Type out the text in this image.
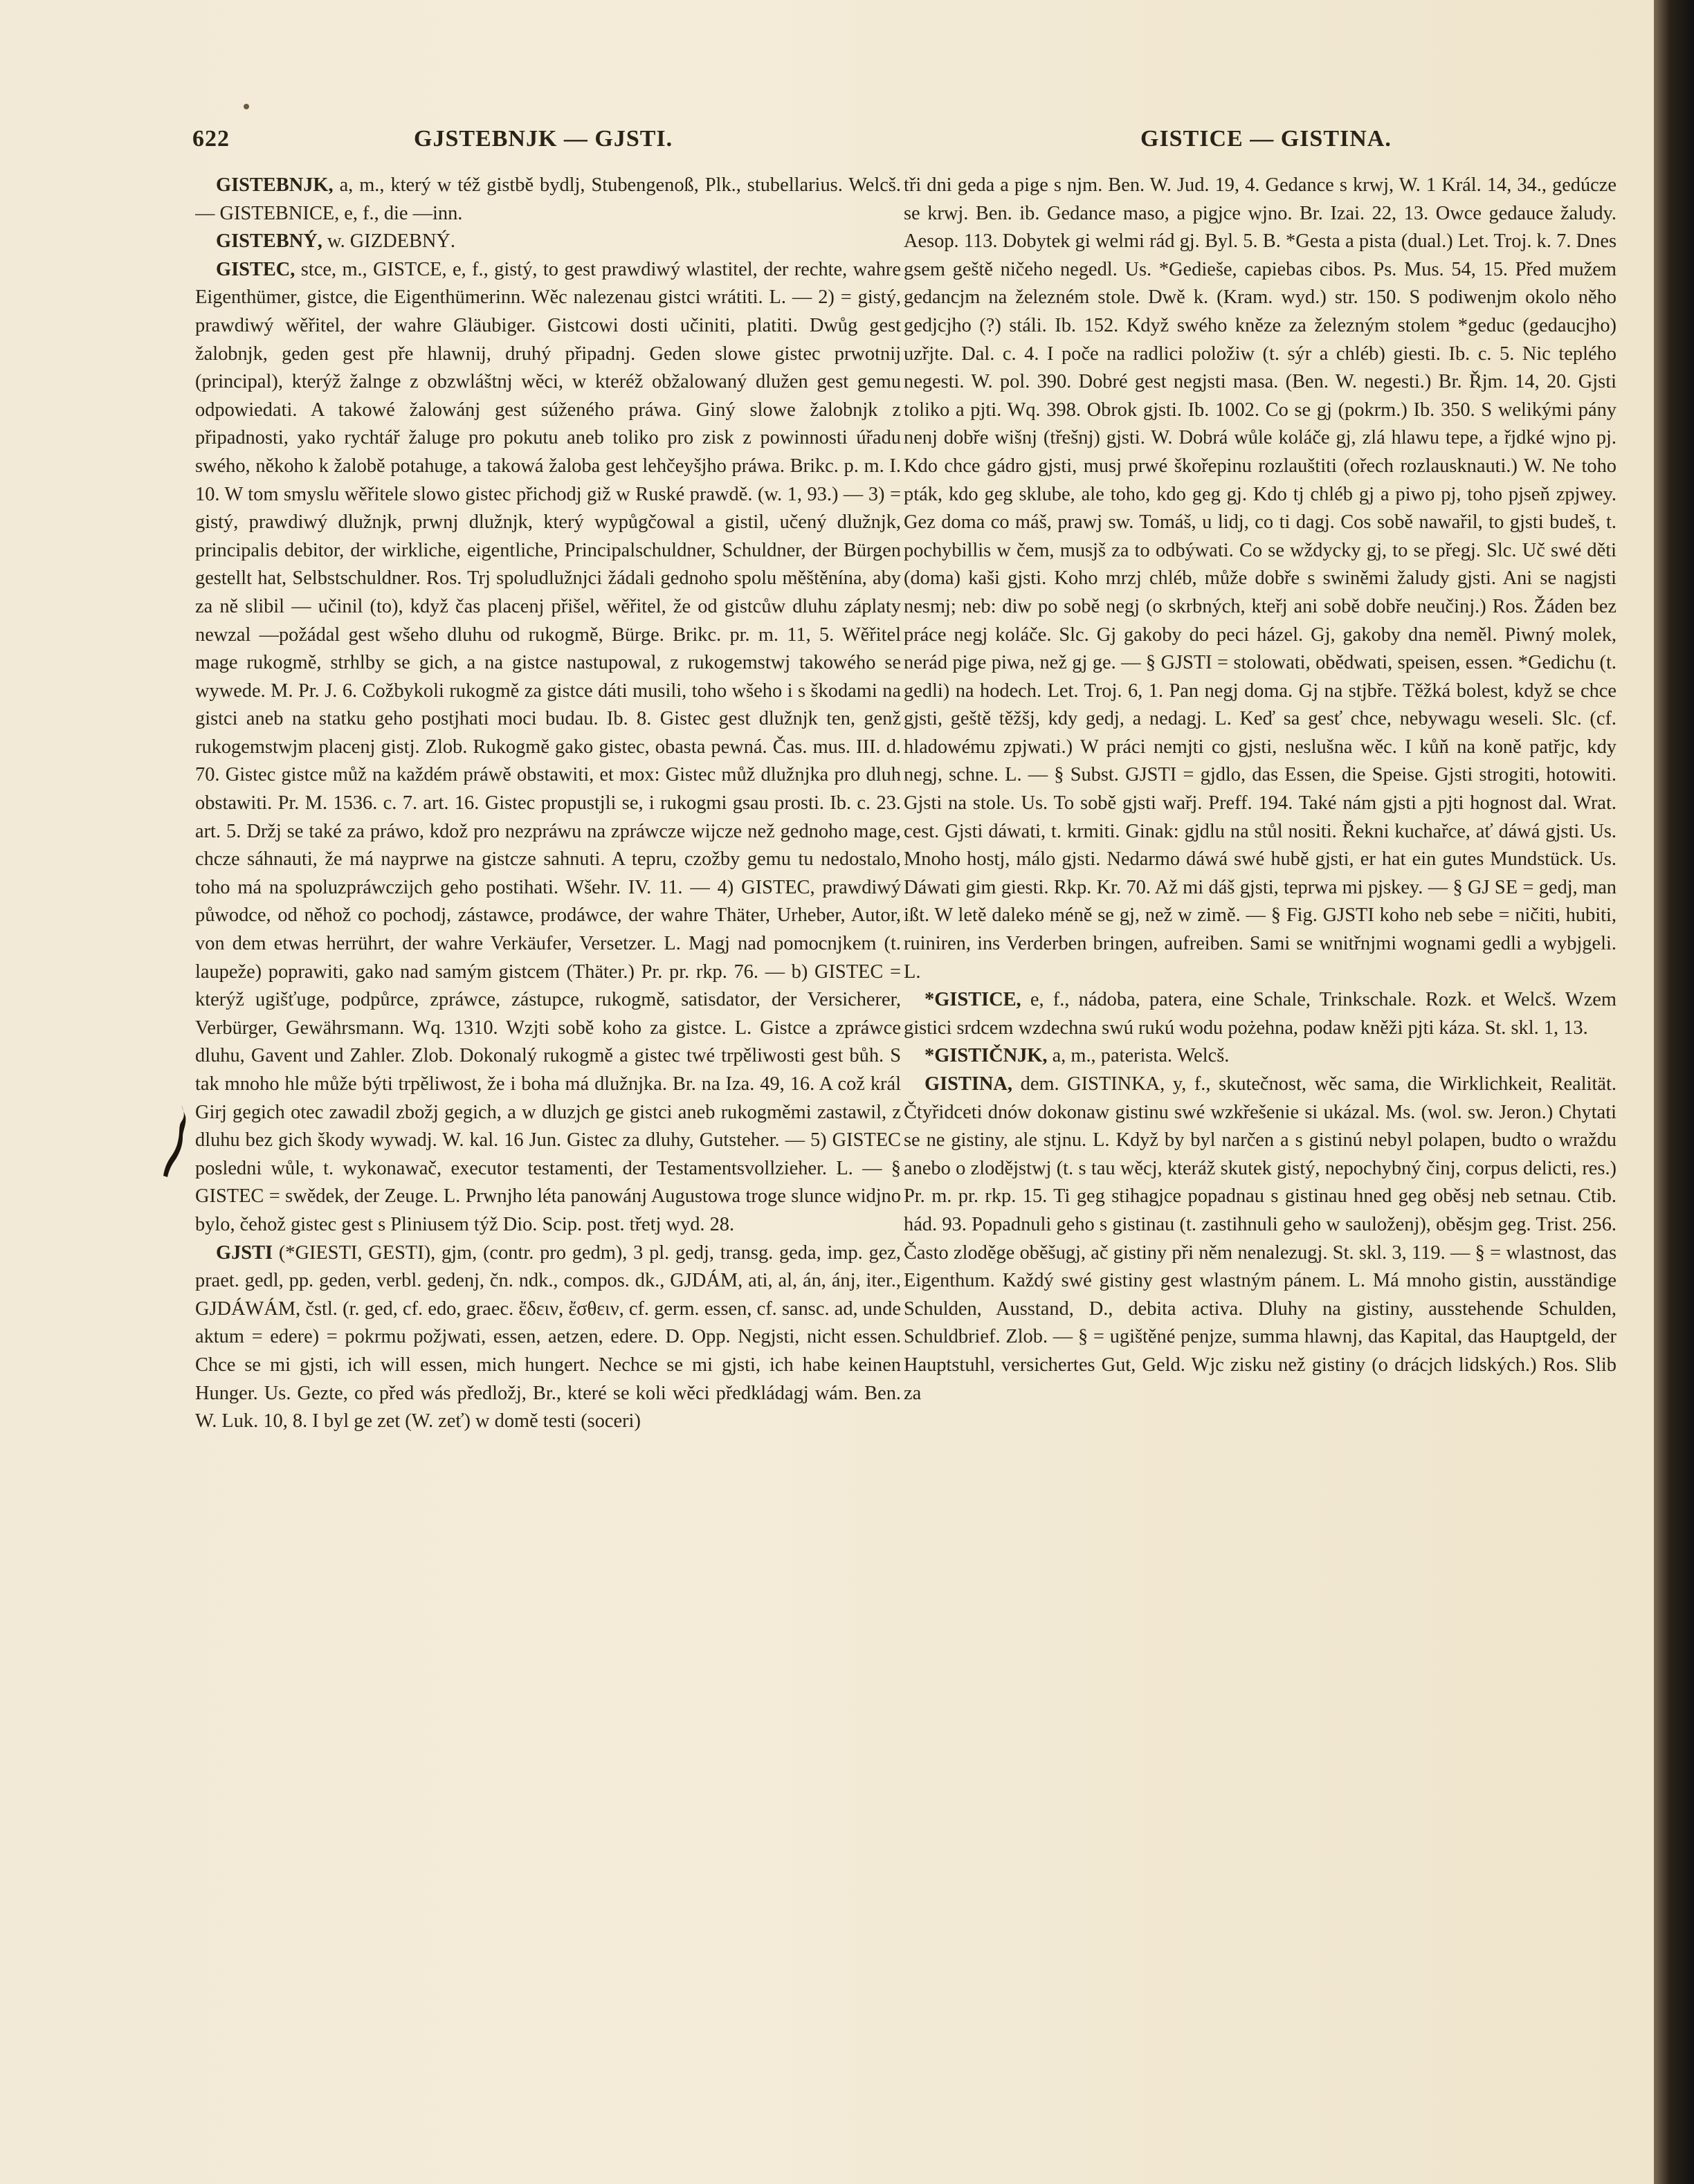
622	GJSTEBNJK — GJSTI.	GISTICE — GISTINA.

GISTEBNJK, a, m., který w též gistbě bydlj, Stubengenoß, Plk., stubellarius. Welcš. — GISTEBNICE, e, f., die —inn.

GISTEBNÝ, w. GIZDEBNÝ.

GISTEC, stce, m., GISTCE, e, f., gistý, to gest prawdiwý wlastitel, der rechte, wahre Eigenthümer, gistce, die Eigenthümerinn. Wěc nalezenau gistci wrátiti. L. — 2) = gistý, prawdiwý wěřitel, der wahre Gläubiger. Gistcowi dosti učiniti, platiti. Dwůg gest žalobnjk, geden gest pře hlawnij, druhý připadnj. Geden slowe gistec prwotnij (principal), kterýž žalnge z obzwláštnj wěci, w kteréž obžalowaný dlužen gest gemu odpowiedati. A takowé žalowánj gest súženého práwa. Giný slowe žalobnjk z připadnosti, yako rychtář žaluge pro pokutu aneb toliko pro zisk z powinnosti úřadu swého, někoho k žalobě potahuge, a takowá žaloba gest lehčeyšjho práwa. Brikc. p. m. I. 10. W tom smyslu wěřitele slowo gistec přichodj giž w Ruské prawdě. (w. 1, 93.) — 3) = gistý, prawdiwý dlužnjk, prwnj dlužnjk, který wypůgčowal a gistil, učený dlužnjk, principalis debitor, der wirkliche, eigentliche, Principalschuldner, Schuldner, der Bürgen gestellt hat, Selbstschuldner. Ros. Trj spoludlužnjci žádali gednoho spolu měštěnína, aby za ně slibil — učinil (to), když čas placenj přišel, wěřitel, že od gistcůw dluhu záplaty newzal —požádal gest wšeho dluhu od rukogmě, Bürge. Brikc. pr. m. 11, 5. Wěřitel mage rukogmě, strhlby se gich, a na gistce nastupowal, z rukogemstwj takowého se wywede. M. Pr. J. 6. Cožbykoli rukogmě za gistce dáti musili, toho wšeho i s škodami na gistci aneb na statku geho postjhati moci budau. Ib. 8. Gistec gest dlužnjk ten, genž rukogemstwjm placenj gistj. Zlob. Rukogmě gako gistec, obasta pewná. Čas. mus. III. d. 70. Gistec gistce můž na každém práwě obstawiti, et mox: Gistec můž dlužnjka pro dluh obstawiti. Pr. M. 1536. c. 7. art. 16. Gistec propustjli se, i rukogmi gsau prosti. Ib. c. 23. art. 5. Držj se také za práwo, kdož pro nezpráwu na zpráwcze wijcze než gednoho mage, chcze sáhnauti, že má nayprwe na gistcze sahnuti. A tepru, czožby gemu tu nedostalo, toho má na spoluzpráwczijch geho postihati. Wšehr. IV. 11. — 4) GISTEC, prawdiwý půwodce, od něhož co pochodj, zástawce, prodáwce, der wahre Thäter, Urheber, Autor, von dem etwas herrührt, der wahre Verkäufer, Versetzer. L. Magj nad pomocnjkem (t. laupeže) poprawiti, gako nad samým gistcem (Thäter.) Pr. pr. rkp. 76. — b) GISTEC = kterýž ugišťuge, podpůrce, zpráwce, zástupce, rukogmě, satisdator, der Versicherer, Verbürger, Gewährsmann. Wq. 1310. Wzjti sobě koho za gistce. L. Gistce a zpráwce dluhu, Gavent und Zahler. Zlob. Dokonalý rukogmě a gistec twé trpěliwosti gest bůh. S tak mnoho hle může býti trpěliwost, že i boha má dlužnjka. Br. na Iza. 49, 16. A což král Girj gegich otec zawadil zbožj gegich, a w dluzjch ge gistci aneb rukogměmi zastawil, z dluhu bez gich škody wywadj. W. kal. 16 Jun. Gistec za dluhy, Gutsteher. — 5) GISTEC posledni wůle, t. wykonawač, executor testamenti, der Testamentsvollzieher. L. — § GISTEC = swědek, der Zeuge. L. Prwnjho léta panowánj Augustowa troge slunce widjno bylo, čehož gistec gest s Pliniusem týž Dio. Scip. post. třetj wyd. 28.

GJSTI (*GIESTI, GESTI), gjm, (contr. pro gedm), 3 pl. gedj, transg. geda, imp. gez, praet. gedl, pp. geden, verbl. gedenj, čn. ndk., compos. dk., GJDÁM, ati, al, án, ánj, iter., GJDÁWÁM, čstl. (r. ged, cf. edo, graec. ἔδειν, ἔσθειν, cf. germ. essen, cf. sansc. ad, unde aktum = edere) = pokrmu požjwati, essen, aetzen, edere. D. Opp. Negjsti, nicht essen. Chce se mi gjsti, ich will essen, mich hungert. Nechce se mi gjsti, ich habe keinen Hunger. Us. Gezte, co před wás předložj, Br., které se koli wěci předkládagj wám. Ben. W. Luk. 10, 8. I byl ge zet (W. zeť) w domě testi (soceri)

tři dni geda a pige s njm. Ben. W. Jud. 19, 4. Gedance s krwj, W. 1 Král. 14, 34., gedúcze se krwj. Ben. ib. Gedance maso, a pigjce wjno. Br. Izai. 22, 13. Owce gedauce žaludy. Aesop. 113. Dobytek gi welmi rád gj. Byl. 5. B. *Gesta a pista (dual.) Let. Troj. k. 7. Dnes gsem geště ničeho negedl. Us. *Gedieše, capiebas cibos. Ps. Mus. 54, 15. Před mužem gedancjm na železném stole. Dwě k. (Kram. wyd.) str. 150. S podiwenjm okolo něho gedjcjho (?) stáli. Ib. 152. Když swého kněze za železným stolem *geduc (gedaucjho) uzřjte. Dal. c. 4. I poče na radlici položiw (t. sýr a chléb) giesti. Ib. c. 5. Nic teplého negesti. W. pol. 390. Dobré gest negjsti masa. (Ben. W. negesti.) Br. Řjm. 14, 20. Gjsti toliko a pjti. Wq. 398. Obrok gjsti. Ib. 1002. Co se gj (pokrm.) Ib. 350. S welikými pány nenj dobře wišnj (třešnj) gjsti. W. Dobrá wůle koláče gj, zlá hlawu tepe, a řjdké wjno pj. Kdo chce gádro gjsti, musj prwé škořepinu rozlauštiti (ořech rozlausknauti.) W. Ne toho pták, kdo geg sklube, ale toho, kdo geg gj. Kdo tj chléb gj a piwo pj, toho pjseň zpjwey. Gez doma co máš, prawj sw. Tomáš, u lidj, co ti dagj. Cos sobě nawařil, to gjsti budeš, t. pochybillis w čem, musjš za to odbýwati. Co se wždycky gj, to se přegj. Slc. Uč swé děti (doma) kaši gjsti. Koho mrzj chléb, může dobře s swiněmi žaludy gjsti. Ani se nagjsti nesmj; neb: diw po sobě negj (o skrbných, kteřj ani sobě dobře neučinj.) Ros. Žáden bez práce negj koláče. Slc. Gj gakoby do peci házel. Gj, gakoby dna neměl. Piwný molek, nerád pige piwa, než gj ge. — § GJSTI = stolowati, obědwati, speisen, essen. *Gedichu (t. gedli) na hodech. Let. Troj. 6, 1. Pan negj doma. Gj na stjbře. Těžká bolest, když se chce gjsti, geště těžšj, kdy gedj, a nedagj. L. Keď sa gesť chce, nebywagu weseli. Slc. (cf. hladowému zpjwati.) W práci nemjti co gjsti, neslušna wěc. I kůň na koně patřjc, kdy negj, schne. L. — § Subst. GJSTI = gjdlo, das Essen, die Speise. Gjsti strogiti, hotowiti. Gjsti na stole. Us. To sobě gjsti wařj. Preff. 194. Také nám gjsti a pjti hognost dal. Wrat. cest. Gjsti dáwati, t. krmiti. Ginak: gjdlu na stůl nositi. Řekni kuchařce, ať dáwá gjsti. Us. Mnoho hostj, málo gjsti. Nedarmo dáwá swé hubě gjsti, er hat ein gutes Mundstück. Us. Dáwati gim giesti. Rkp. Kr. 70. Až mi dáš gjsti, teprwa mi pjskey. — § GJ SE = gedj, man ißt. W letě daleko méně se gj, než w zimě. — § Fig. GJSTI koho neb sebe = ničiti, hubiti, ruiniren, ins Verderben bringen, aufreiben. Sami se wnitřnjmi wognami gedli a wybjgeli. L.

*GISTICE, e, f., nádoba, patera, eine Schale, Trinkschale. Rozk. et Welcš. Wzem gistici srdcem wzdechna swú rukú wodu pożehna, podaw kněži pjti káza. St. skl. 1, 13.

*GISTIČNJK, a, m., paterista. Welcš.

GISTINA, dem. GISTINKA, y, f., skutečnost, wěc sama, die Wirklichkeit, Realität. Čtyřidceti dnów dokonaw gistinu swé wzkřešenie si ukázal. Ms. (wol. sw. Jeron.) Chytati se ne gistiny, ale stjnu. L. Když by byl narčen a s gistinú nebyl polapen, budto o wraždu anebo o zlodějstwj (t. s tau wěcj, kteráž skutek gistý, nepochybný činj, corpus delicti, res.) Pr. m. pr. rkp. 15. Ti geg stihagjce popadnau s gistinau hned geg oběsj neb setnau. Ctib. hád. 93. Popadnuli geho s gistinau (t. zastihnuli geho w sauloženj), oběsjm geg. Trist. 256. Často zloděge oběšugj, ač gistiny při něm nenalezugj. St. skl. 3, 119. — § = wlastnost, das Eigenthum. Každý swé gistiny gest wlastným pánem. L. Má mnoho gistin, ausständige Schulden, Ausstand, D., debita activa. Dluhy na gistiny, ausstehende Schulden, Schuldbrief. Zlob. — § = ugištěné penjze, summa hlawnj, das Kapital, das Hauptgeld, der Hauptstuhl, versichertes Gut, Geld. Wjc zisku než gistiny (o drácjch lidských.) Ros. Slib za
